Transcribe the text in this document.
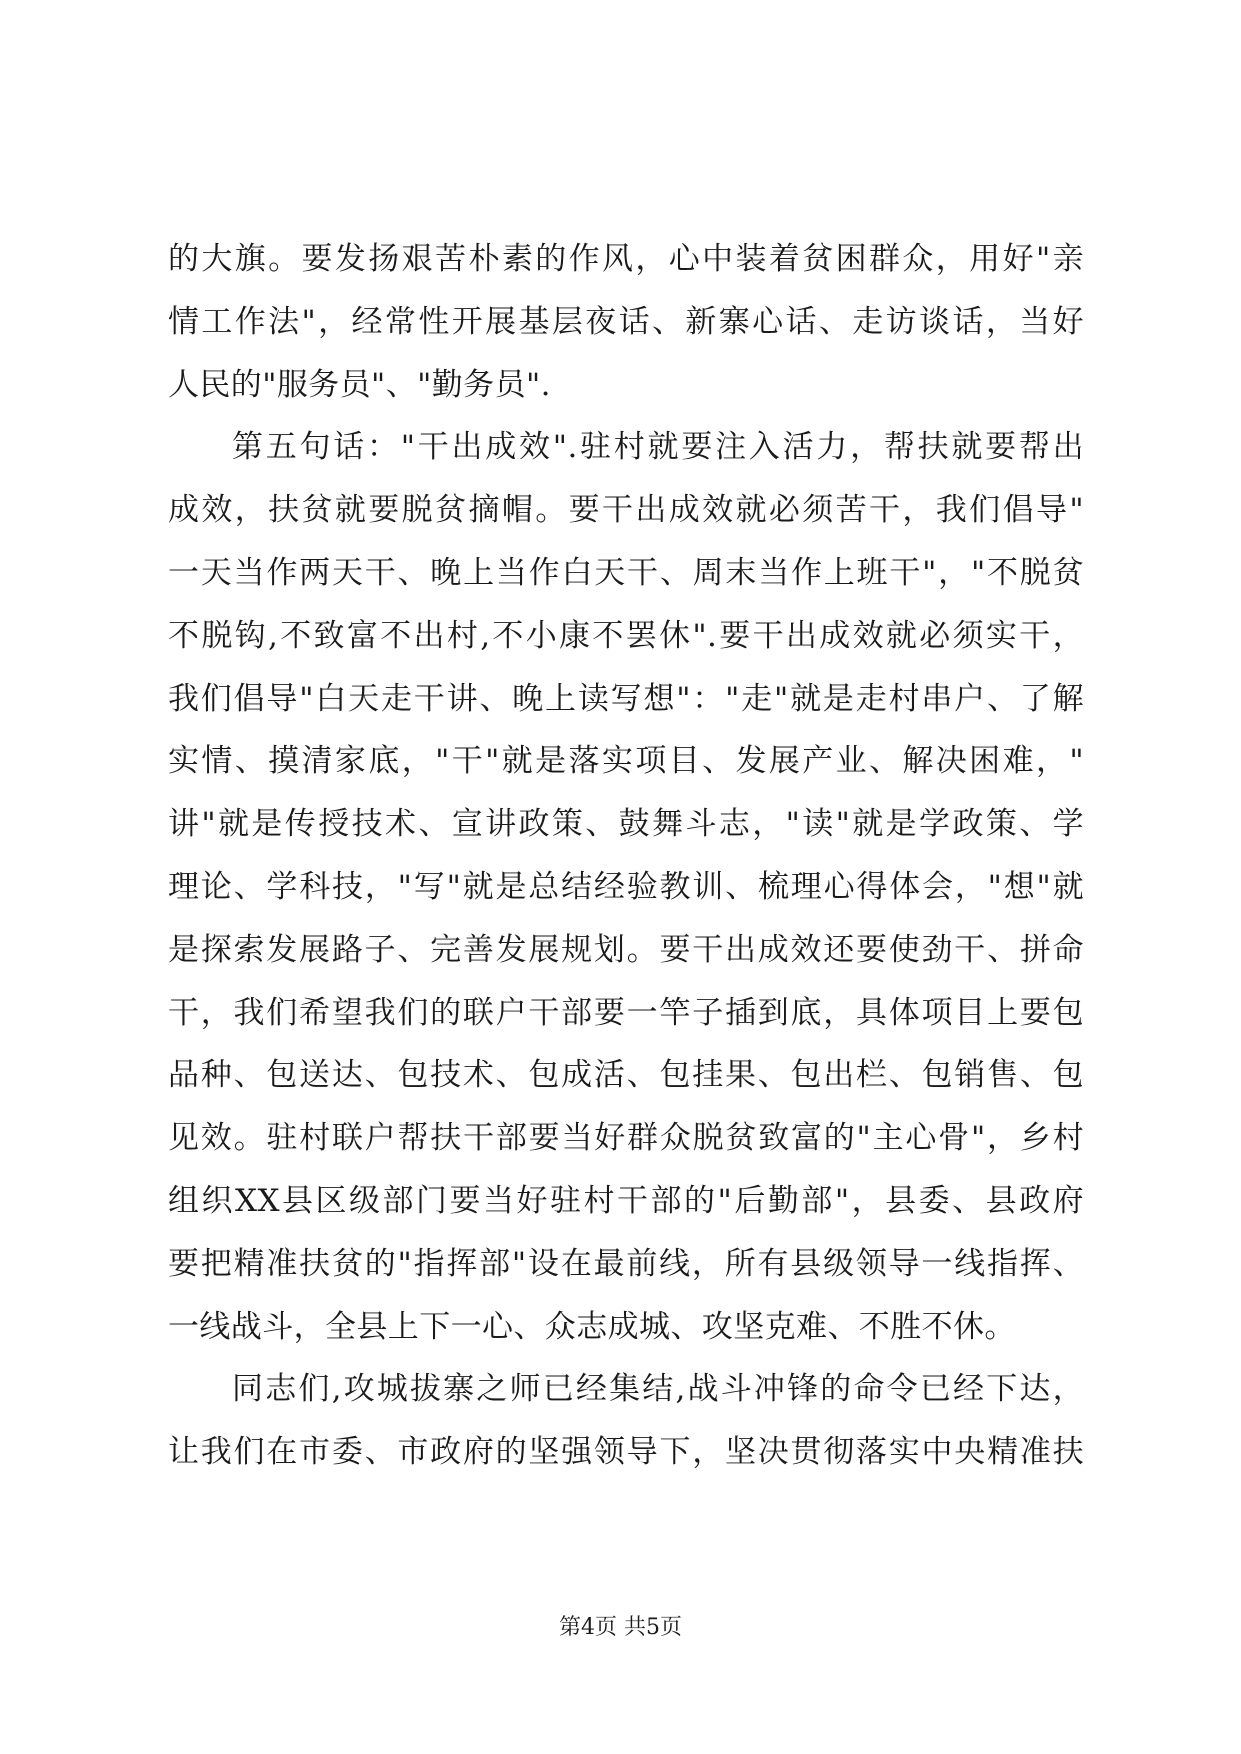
的大旗。要发扬艰苦朴素的作风，心中装着贫困群众，用好"亲
情工作法"，经常性开展基层夜话、新寨心话、走访谈话，当好
人民的"服务员"、"勤务员".
第五句话："干出成效".驻村就要注入活力，帮扶就要帮出
成效，扶贫就要脱贫摘帽。要干出成效就必须苦干，我们倡导"
一天当作两天干、晚上当作白天干、周末当作上班干"，"不脱贫
不脱钩,不致富不出村,不小康不罢休".要干出成效就必须实干，
我们倡导"白天走干讲、晚上读写想"："走"就是走村串户、了解
实情、摸清家底，"干"就是落实项目、发展产业、解决困难，"
讲"就是传授技术、宣讲政策、鼓舞斗志，"读"就是学政策、学
理论、学科技，"写"就是总结经验教训、梳理心得体会，"想"就
是探索发展路子、完善发展规划。要干出成效还要使劲干、拼命
干，我们希望我们的联户干部要一竿子插到底，具体项目上要包
品种、包送达、包技术、包成活、包挂果、包出栏、包销售、包
见效。驻村联户帮扶干部要当好群众脱贫致富的"主心骨"，乡村
组织XX县区级部门要当好驻村干部的"后勤部"，县委、县政府
要把精准扶贫的"指挥部"设在最前线，所有县级领导一线指挥、
一线战斗，全县上下一心、众志成城、攻坚克难、不胜不休。
同志们,攻城拔寨之师已经集结,战斗冲锋的命令已经下达，
让我们在市委、市政府的坚强领导下，坚决贯彻落实中央精准扶
第4页 共5页
